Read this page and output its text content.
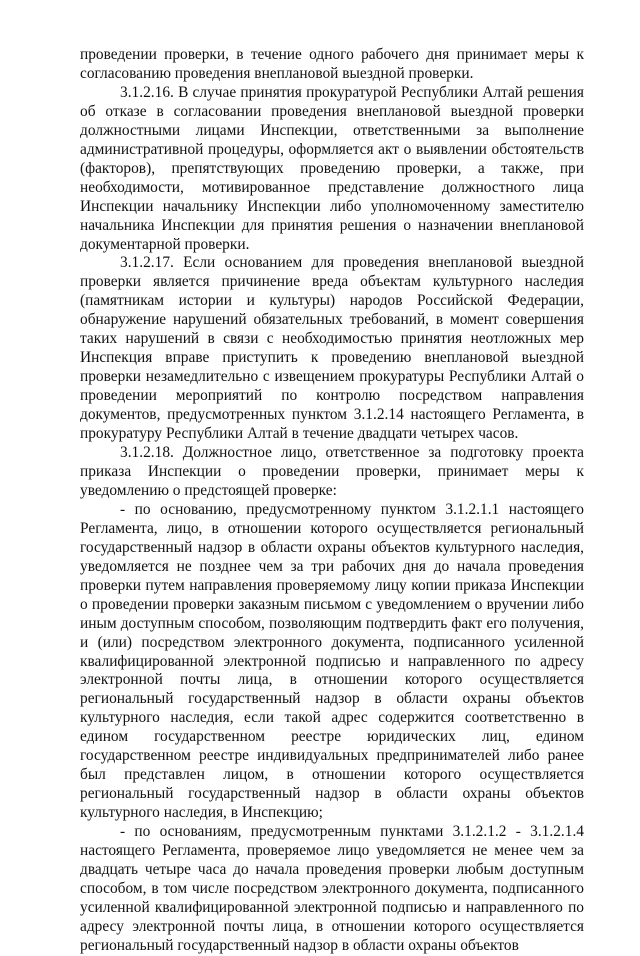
проведении проверки, в течение одного рабочего дня принимает меры к согласованию проведения внеплановой выездной проверки.

3.1.2.16. В случае принятия прокуратурой Республики Алтай решения об отказе в согласовании проведения внеплановой выездной проверки должностными лицами Инспекции, ответственными за выполнение административной процедуры, оформляется акт о выявлении обстоятельств (факторов), препятствующих проведению проверки, а также, при необходимости, мотивированное представление должностного лица Инспекции начальнику Инспекции либо уполномоченному заместителю начальника Инспекции для принятия решения о назначении внеплановой документарной проверки.

3.1.2.17. Если основанием для проведения внеплановой выездной проверки является причинение вреда объектам культурного наследия (памятникам истории и культуры) народов Российской Федерации, обнаружение нарушений обязательных требований, в момент совершения таких нарушений в связи с необходимостью принятия неотложных мер Инспекция вправе приступить к проведению внеплановой выездной проверки незамедлительно с извещением прокуратуры Республики Алтай о проведении мероприятий по контролю посредством направления документов, предусмотренных пунктом 3.1.2.14 настоящего Регламента, в прокуратуру Республики Алтай в течение двадцати четырех часов.

3.1.2.18. Должностное лицо, ответственное за подготовку проекта приказа Инспекции о проведении проверки, принимает меры к уведомлению о предстоящей проверке:

- по основанию, предусмотренному пунктом 3.1.2.1.1 настоящего Регламента, лицо, в отношении которого осуществляется региональный государственный надзор в области охраны объектов культурного наследия, уведомляется не позднее чем за три рабочих дня до начала проведения проверки путем направления проверяемому лицу копии приказа Инспекции о проведении проверки заказным письмом с уведомлением о вручении либо иным доступным способом, позволяющим подтвердить факт его получения, и (или) посредством электронного документа, подписанного усиленной квалифицированной электронной подписью и направленного по адресу электронной почты лица, в отношении которого осуществляется региональный государственный надзор в области охраны объектов культурного наследия, если такой адрес содержится соответственно в едином государственном реестре юридических лиц, едином государственном реестре индивидуальных предпринимателей либо ранее был представлен лицом, в отношении которого осуществляется региональный государственный надзор в области охраны объектов культурного наследия, в Инспекцию;

- по основаниям, предусмотренным пунктами 3.1.2.1.2 - 3.1.2.1.4 настоящего Регламента, проверяемое лицо уведомляется не менее чем за двадцать четыре часа до начала проведения проверки любым доступным способом, в том числе посредством электронного документа, подписанного усиленной квалифицированной электронной подписью и направленного по адресу электронной почты лица, в отношении которого осуществляется региональный государственный надзор в области охраны объектов
